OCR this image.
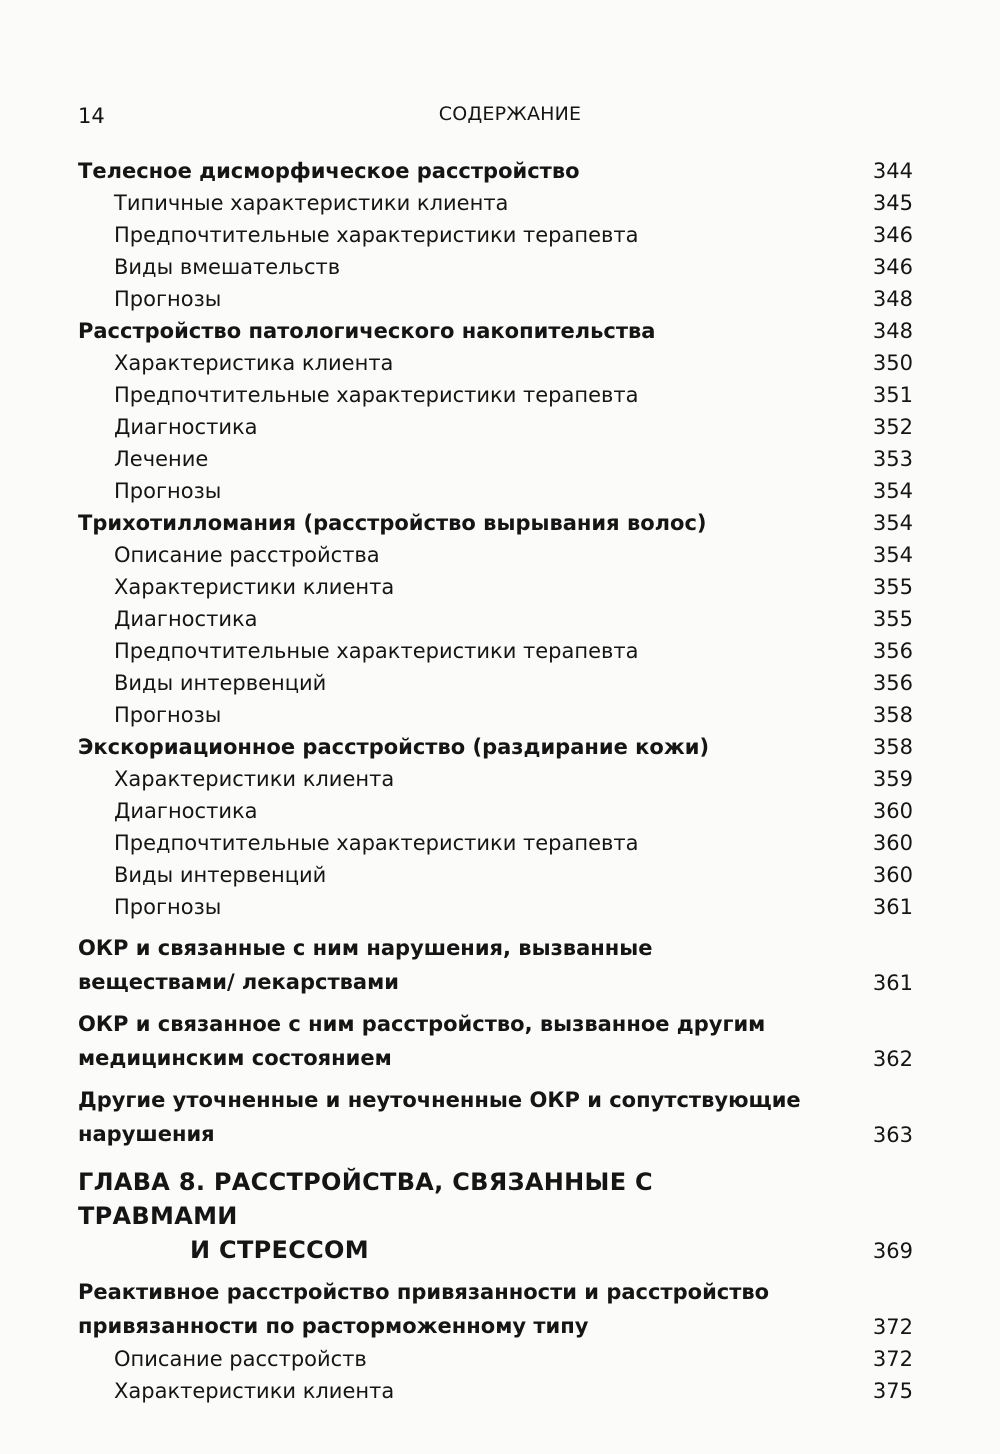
14	СОДЕРЖАНИЕ
Телесное дисморфическое расстройство	344
Типичные характеристики клиента	345
Предпочтительные характеристики терапевта	346
Виды вмешательств	346
Прогнозы	348
Расстройство патологического накопительства	348
Характеристика клиента	350
Предпочтительные характеристики терапевта	351
Диагностика	352
Лечение	353
Прогнозы	354
Трихотилломания (расстройство вырывания волос)	354
Описание расстройства	354
Характеристики клиента	355
Диагностика	355
Предпочтительные характеристики терапевта	356
Виды интервенций	356
Прогнозы	358
Экскориационное расстройство (раздирание кожи)	358
Характеристики клиента	359
Диагностика	360
Предпочтительные характеристики терапевта	360
Виды интервенций	360
Прогнозы	361
ОКР и связанные с ним нарушения, вызванные веществами/ лекарствами	361
ОКР и связанное с ним расстройство, вызванное другим медицинским состоянием	362
Другие уточненные и неуточненные ОКР и сопутствующие нарушения	363
ГЛАВА 8. РАССТРОЙСТВА, СВЯЗАННЫЕ С ТРАВМАМИ
И СТРЕССОМ	369
Реактивное расстройство привязанности и расстройство привязанности по расторможенному типу	372
Описание расстройств	372
Характеристики клиента	375
